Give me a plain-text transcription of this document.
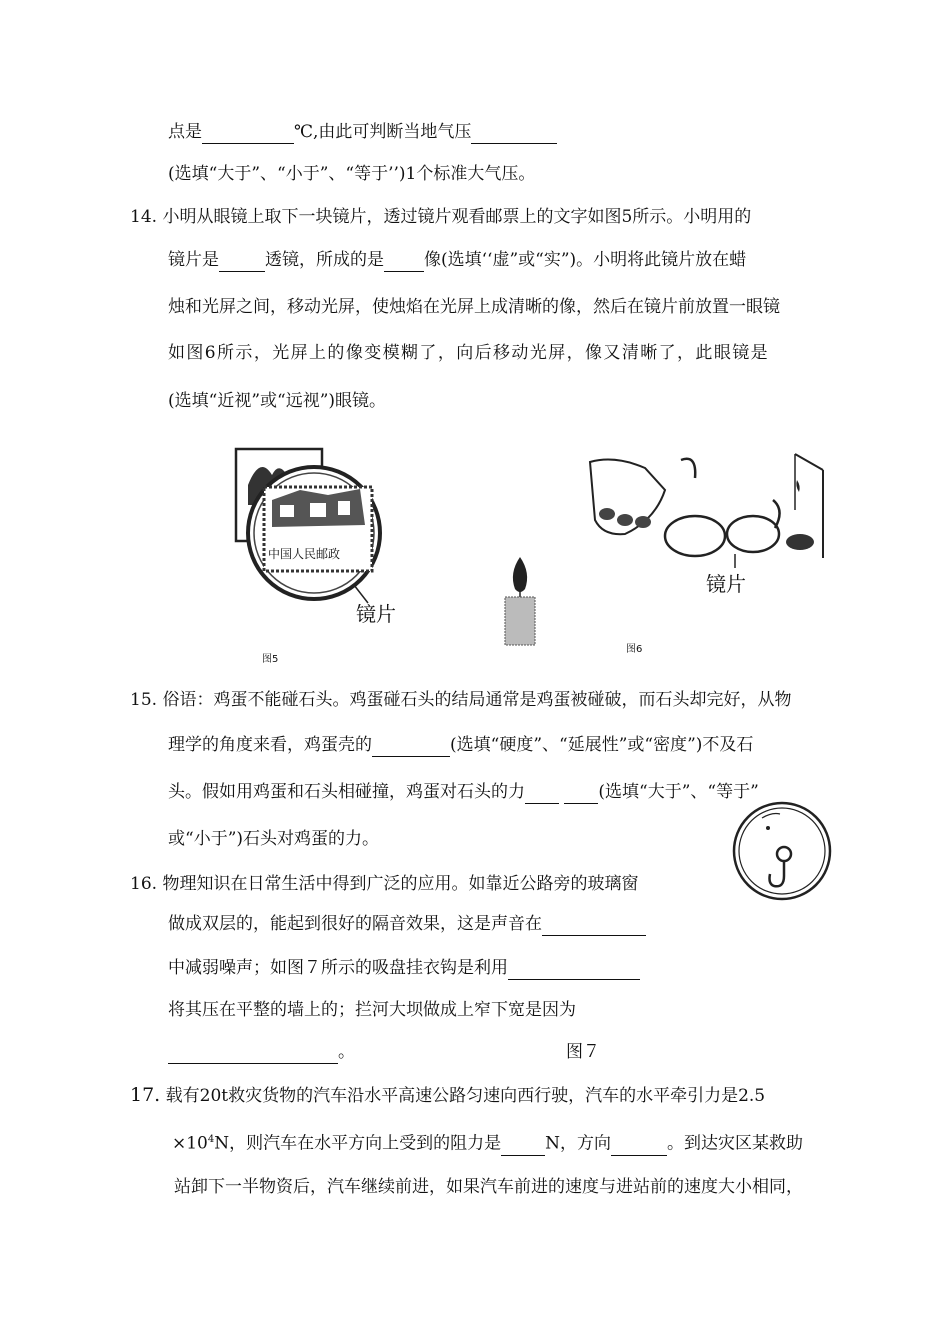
点是	℃,由此可判断当地气压
(选填“大于”、“小于”、“等于’’)1个标准大气压。
14. 小明从眼镜上取下一块镜片，透过镜片观看邮票上的文字如图5所示。小明用的
镜片是	透镜，所成的是 像(选填‘‘虚”或“实”)。小明将此镜片放在蜡
烛和光屏之间，移动光屏，使烛焰在光屏上成清晰的像，然后在镜片前放置一眼镜
如图6所示，光屏上的像变模糊了，向后移动光屏，像又清晰了，此眼镜是
(选填“近视”或“远视”)眼镜。
中国人民邮政
镜片
图5
镜片
图6
15. 俗语：鸡蛋不能碰石头。鸡蛋碰石头的结局通常是鸡蛋被碰破，而石头却完好，从物
理学的角度来看，鸡蛋壳的	(选填“硬度”、“延展性”或“密度”)不及石
头。假如用鸡蛋和石头相碰撞，鸡蛋对石头的力	(选填“大于”、“等于”
或“小于”)石头对鸡蛋的力。
16. 物理知识在日常生活中得到广泛的应用。如靠近公路旁的玻璃窗
做成双层的，能起到很好的隔音效果，这是声音在
中减弱噪声；如图７所示的吸盘挂衣钩是利用
将其压在平整的墙上的；拦河大坝做成上窄下宽是因为
。	图７
17. 载有20t救灾货物的汽车沿水平高速公路匀速向西行驶，汽车的水平牵引力是2.5
$\times 10^4N$，则汽车在水平方向上受到的阻力是	N，方向	。到达灾区某救助
站卸下一半物资后，汽车继续前进，如果汽车前进的速度与进站前的速度大小相同，
